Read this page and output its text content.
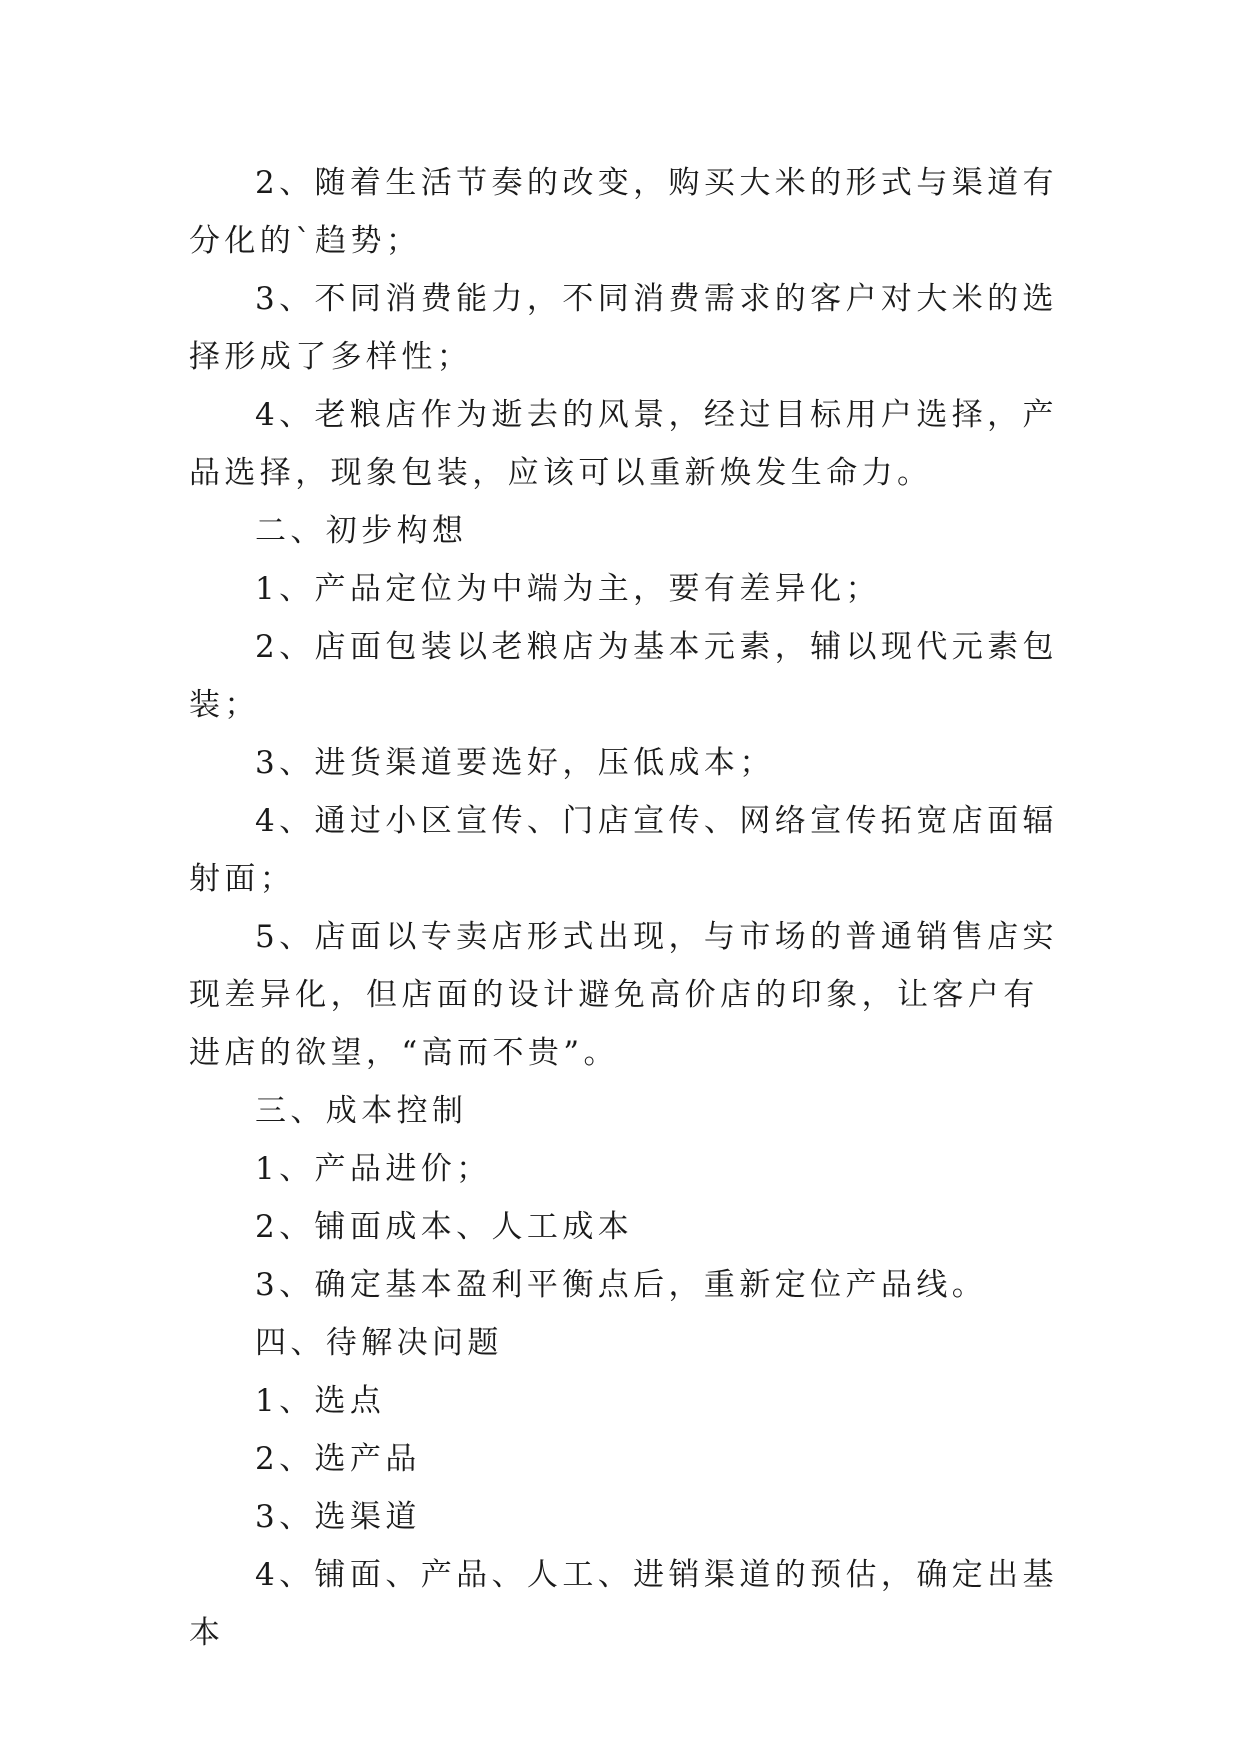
2、随着生活节奏的改变，购买大米的形式与渠道有分化的`趋势；

3、不同消费能力，不同消费需求的客户对大米的选择形成了多样性；

4、老粮店作为逝去的风景，经过目标用户选择，产品选择，现象包装，应该可以重新焕发生命力。

二、初步构想

1、产品定位为中端为主，要有差异化；

2、店面包装以老粮店为基本元素，辅以现代元素包装；

3、进货渠道要选好，压低成本；

4、通过小区宣传、门店宣传、网络宣传拓宽店面辐射面；

5、店面以专卖店形式出现，与市场的普通销售店实现差异化，但店面的设计避免高价店的印象，让客户有进店的欲望，“高而不贵”。

三、成本控制

1、产品进价；

2、铺面成本、人工成本

3、确定基本盈利平衡点后，重新定位产品线。

四、待解决问题

1、选点

2、选产品

3、选渠道

4、铺面、产品、人工、进销渠道的预估，确定出基本
